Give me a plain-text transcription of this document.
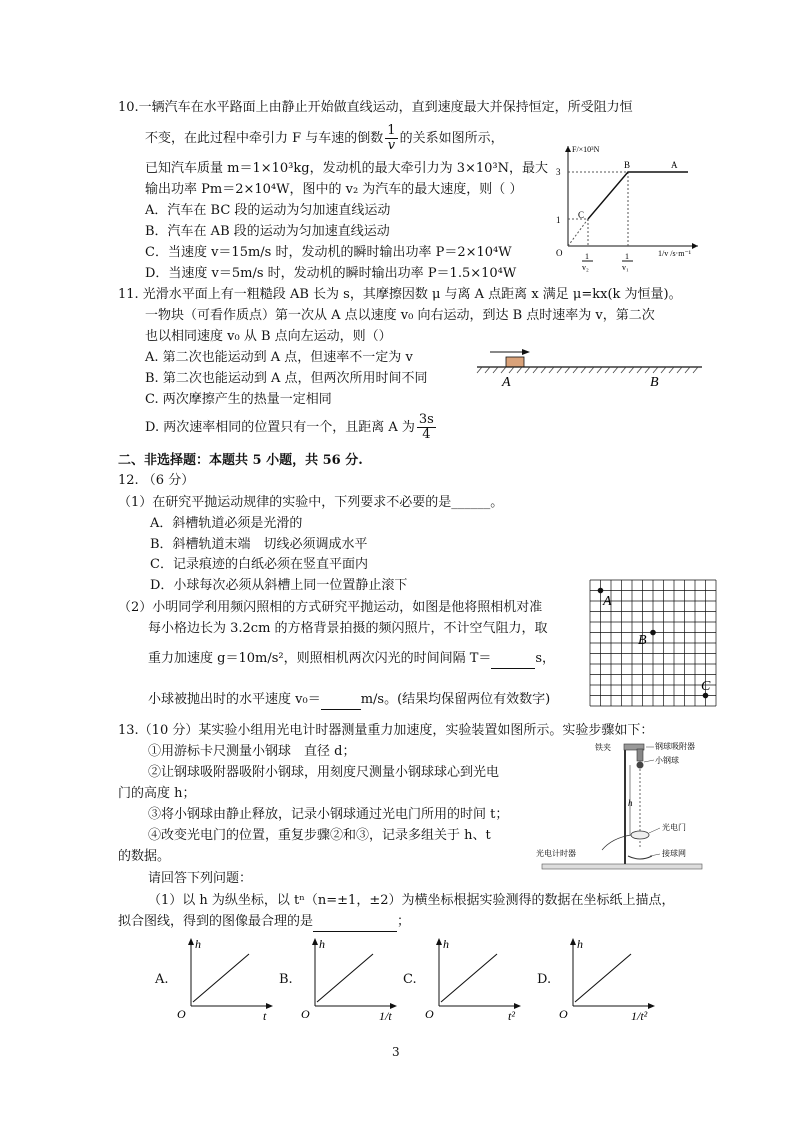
10.一辆汽车在水平路面上由静止开始做直线运动，直到速度最大并保持恒定，所受阻力恒
不变，在此过程中牵引力 F 与车速的倒数 $\frac{1}{v}$ 的关系如图所示，
已知汽车质量 m＝1×10³kg，发动机的最大牵引力为 3×10³N，最大
输出功率 Pm＝2×10⁴W，图中的 v₂ 为汽车的最大速度，则（ ）
A．汽车在 BC 段的运动为匀加速直线运动
B．汽车在 AB 段的运动为匀加速直线运动
C．当速度 v＝15m/s 时，发动机的瞬时输出功率 P＝2×10⁴W
D．当速度 v＝5m/s 时，发动机的瞬时输出功率 P＝1.5×10⁴W
F/×10³N
1/v /s·m⁻¹
3
1
O
C
B	A
1
v₂
1
v₁
11. 光滑水平面上有一粗糙段 AB 长为 s，其摩擦因数 μ 与离 A 点距离 x 满足 μ=kx(k 为恒量)。
一物块（可看作质点）第一次从 A 点以速度 v₀ 向右运动，到达 B 点时速率为 v，第二次
也以相同速度 v₀ 从 B 点向左运动，则（）
A. 第二次也能运动到 A 点，但速率不一定为 v
B. 第二次也能运动到 A 点，但两次所用时间不同
C. 两次摩擦产生的热量一定相同
D. 两次速率相同的位置只有一个，且距离 A 为 $\frac{3s}{4}$
A	B
二、非选择题：本题共 5 小题，共 56 分.
12. （6 分）
（1）在研究平抛运动规律的实验中，下列要求不必要的是______。
A．斜槽轨道必须是光滑的
B．斜槽轨道末端　切线必须调成水平
C．记录痕迹的白纸必须在竖直平面内
D．小球每次必须从斜槽上同一位置静止滚下
（2）小明同学利用频闪照相的方式研究平抛运动，如图是他将照相机对准
每小格边长为 3.2cm 的方格背景拍摄的频闪照片，不计空气阻力，取
重力加速度 g＝10m/s²，则照相机两次闪光的时间间隔 T＝	s，
小球被抛出时的水平速度 v₀＝	m/s。(结果均保留两位有效数字)
A
B
C
13.（10 分）某实验小组用光电计时器测量重力加速度，实验装置如图所示。实验步骤如下：
①用游标卡尺测量小钢球　直径 d；
②让钢球吸附器吸附小钢球，用刻度尺测量小钢球球心到光电
门的高度 h；
③将小钢球由静止释放，记录小钢球通过光电门所用的时间 t；
④改变光电门的位置，重复步骤②和③，记录多组关于 h、t
的数据。
请回答下列问题：
（1）以 h 为纵坐标，以 tⁿ（n=±1，±2）为横坐标根据实验测得的数据在坐标纸上描点，
拟合图线，得到的图像最合理的是	；
h
铁夹	钢球吸附器
小钢球
光电门
光电计时器	接球网
A.
h
O	t
B.
h
O	1/t
C.
h
O	t²
D.
h
O	1/t²
3
